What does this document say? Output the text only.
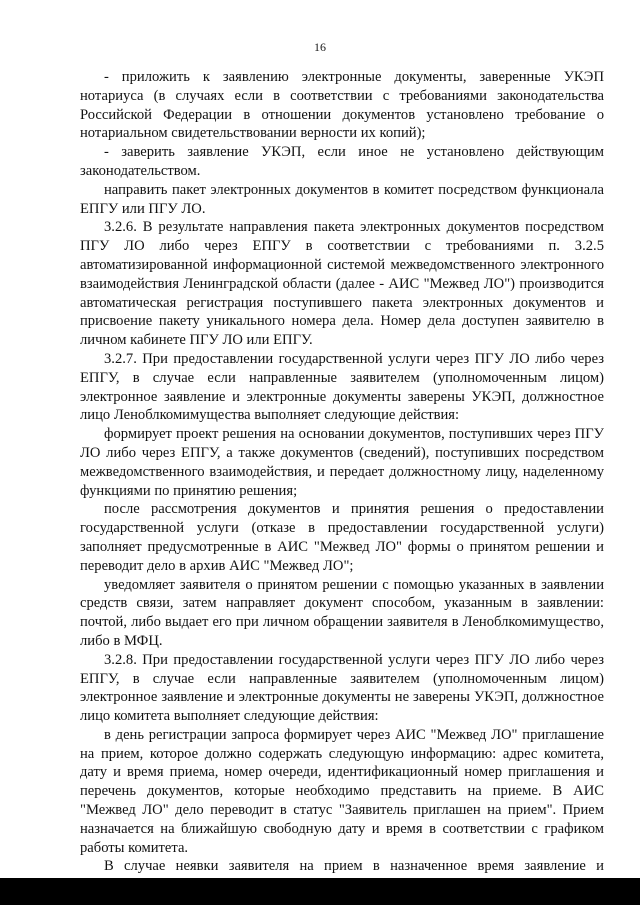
16

- приложить к заявлению электронные документы, заверенные УКЭП нотариуса (в случаях если в соответствии с требованиями законодательства Российской Федерации в отношении документов установлено требование о нотариальном свидетельствовании верности их копий);

- заверить заявление УКЭП, если иное не установлено действующим законодательством.

направить пакет электронных документов в комитет посредством функционала ЕПГУ или ПГУ ЛО.

3.2.6. В результате направления пакета электронных документов посредством ПГУ ЛО либо через ЕПГУ в соответствии с требованиями п. 3.2.5 автоматизированной информационной системой межведомственного электронного взаимодействия Ленинградской области (далее - АИС "Межвед ЛО") производится автоматическая регистрация поступившего пакета электронных документов и присвоение пакету уникального номера дела. Номер дела доступен заявителю в личном кабинете ПГУ ЛО или ЕПГУ.

3.2.7. При предоставлении государственной услуги через ПГУ ЛО либо через ЕПГУ, в случае если направленные заявителем (уполномоченным лицом) электронное заявление и электронные документы заверены УКЭП, должностное лицо Леноблкомимущества выполняет следующие действия:

формирует проект решения на основании документов, поступивших через ПГУ ЛО либо через ЕПГУ, а также документов (сведений), поступивших посредством межведомственного взаимодействия, и передает должностному лицу, наделенному функциями по принятию решения;

после рассмотрения документов и принятия решения о предоставлении государственной услуги (отказе в предоставлении государственной услуги) заполняет предусмотренные в АИС "Межвед ЛО" формы о принятом решении и переводит дело в архив АИС "Межвед ЛО";

уведомляет заявителя о принятом решении с помощью указанных в заявлении средств связи, затем направляет документ способом, указанным в заявлении: почтой, либо выдает его при личном обращении заявителя в Леноблкомимущество, либо в МФЦ.

3.2.8. При предоставлении государственной услуги через ПГУ ЛО либо через ЕПГУ, в случае если направленные заявителем (уполномоченным лицом) электронное заявление и электронные документы не заверены УКЭП, должностное лицо комитета выполняет следующие действия:

в день регистрации запроса формирует через АИС "Межвед ЛО" приглашение на прием, которое должно содержать следующую информацию: адрес комитета, дату и время приема, номер очереди, идентификационный номер приглашения и перечень документов, которые необходимо представить на приеме. В АИС "Межвед ЛО" дело переводит в статус "Заявитель приглашен на прием". Прием назначается на ближайшую свободную дату и время в соответствии с графиком работы комитета.

В случае неявки заявителя на прием в назначенное время заявление и
